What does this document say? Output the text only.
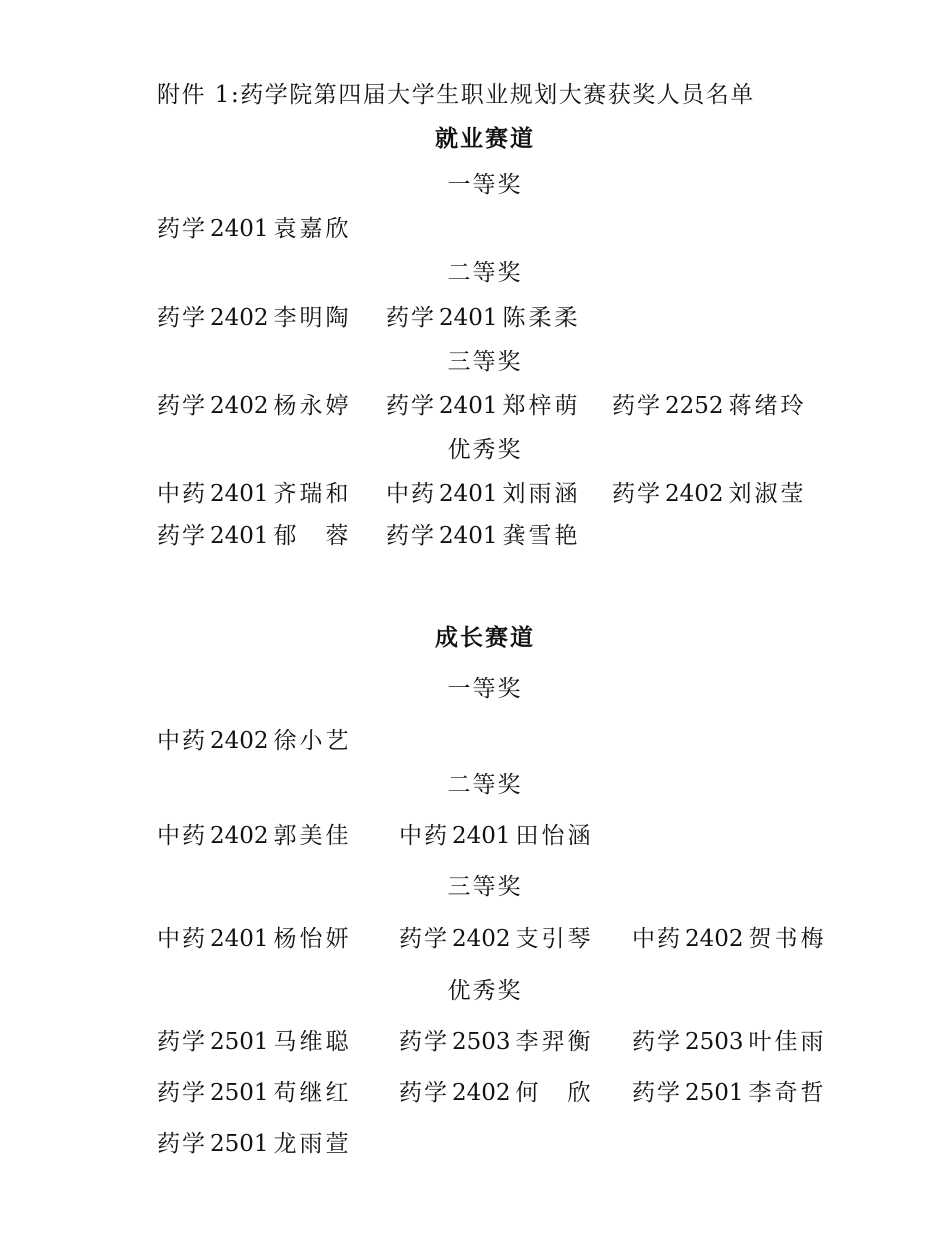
附件 1:药学院第四届大学生职业规划大赛获奖人员名单
就业赛道
一等奖
药学 2401 袁嘉欣
二等奖
药学 2402 李明陶 药学 2401 陈柔柔
三等奖
药学 2402 杨永婷 药学 2401 郑梓萌 药学 2252 蒋绪玲
优秀奖
中药 2401 齐瑞和 中药 2401 刘雨涵 药学 2402 刘淑莹
药学 2401 郁　蓉 药学 2401 龚雪艳
成长赛道
一等奖
中药 2402 徐小艺
二等奖
中药 2402 郭美佳 中药 2401 田怡涵
三等奖
中药 2401 杨怡妍 药学 2402 支引琴 中药 2402 贺书梅
优秀奖
药学 2501 马维聪 药学 2503 李羿衡 药学 2503 叶佳雨
药学 2501 苟继红 药学 2402 何　欣 药学 2501 李奇哲
药学 2501 龙雨萱
